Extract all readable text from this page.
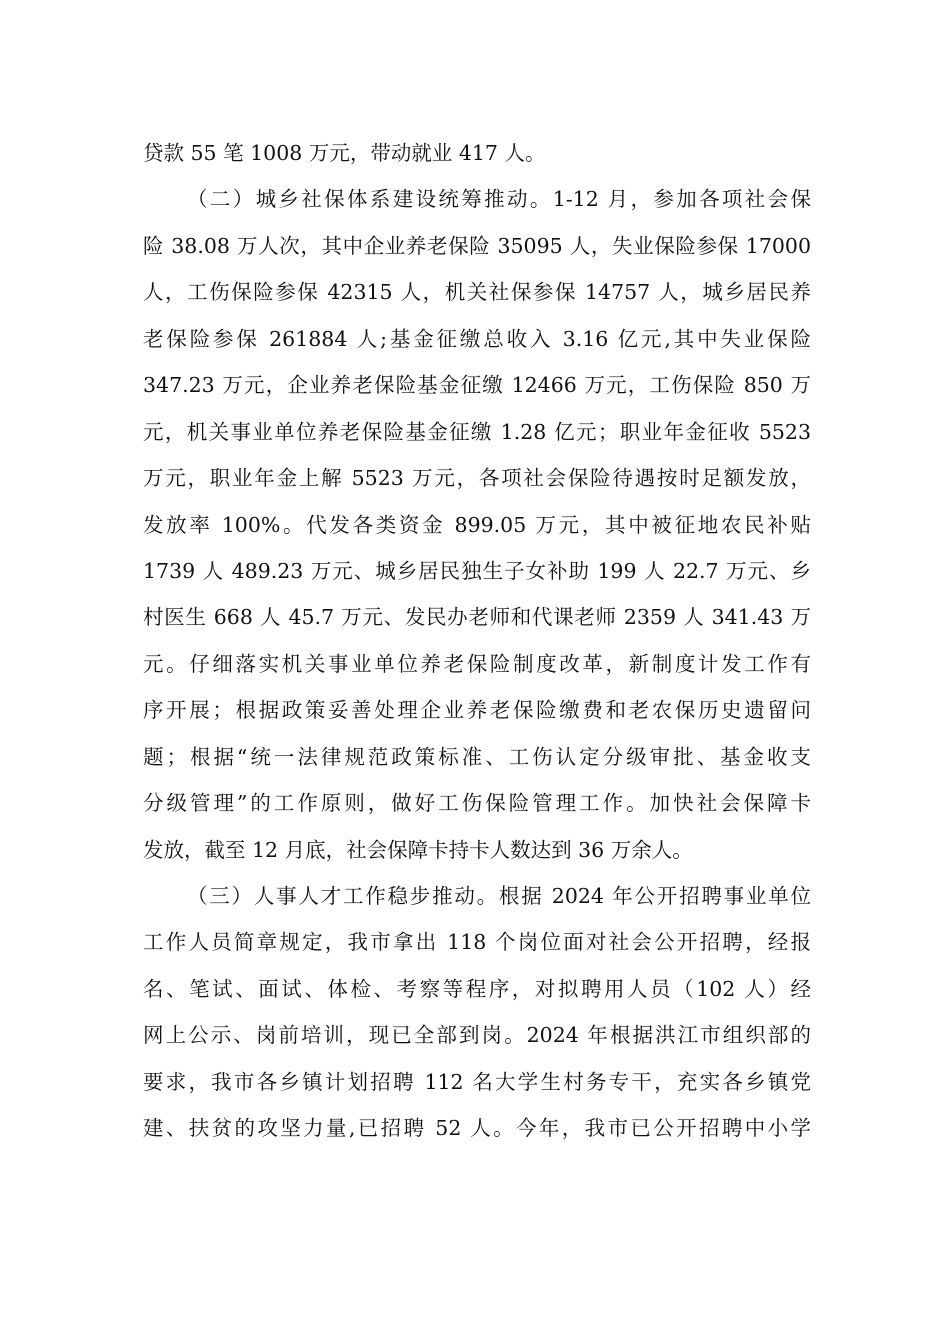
贷款 55 笔 1008 万元，带动就业 417 人。
（二）城乡社保体系建设统筹推动。1-12 月，参加各项社会保
险 38.08 万人次，其中企业养老保险 35095 人，失业保险参保 17000
人，工伤保险参保 42315 人，机关社保参保 14757 人，城乡居民养
老保险参保 261884 人;基金征缴总收入 3.16 亿元,其中失业保险
347.23 万元，企业养老保险基金征缴 12466 万元，工伤保险 850 万
元，机关事业单位养老保险基金征缴 1.28 亿元；职业年金征收 5523
万元，职业年金上解 5523 万元，各项社会保险待遇按时足额发放，
发放率 100%。代发各类资金 899.05 万元，其中被征地农民补贴
1739 人 489.23 万元、城乡居民独生子女补助 199 人 22.7 万元、乡
村医生 668 人 45.7 万元、发民办老师和代课老师 2359 人 341.43 万
元。仔细落实机关事业单位养老保险制度改革，新制度计发工作有
序开展；根据政策妥善处理企业养老保险缴费和老农保历史遗留问
题；根据“统一法律规范政策标准、工伤认定分级审批、基金收支
分级管理”的工作原则，做好工伤保险管理工作。加快社会保障卡
发放，截至 12 月底，社会保障卡持卡人数达到 36 万余人。
（三）人事人才工作稳步推动。根据 2024 年公开招聘事业单位
工作人员简章规定，我市拿出 118 个岗位面对社会公开招聘，经报
名、笔试、面试、体检、考察等程序，对拟聘用人员（102 人）经
网上公示、岗前培训，现已全部到岗。2024 年根据洪江市组织部的
要求，我市各乡镇计划招聘 112 名大学生村务专干，充实各乡镇党
建、扶贫的攻坚力量,已招聘 52 人。今年，我市已公开招聘中小学
